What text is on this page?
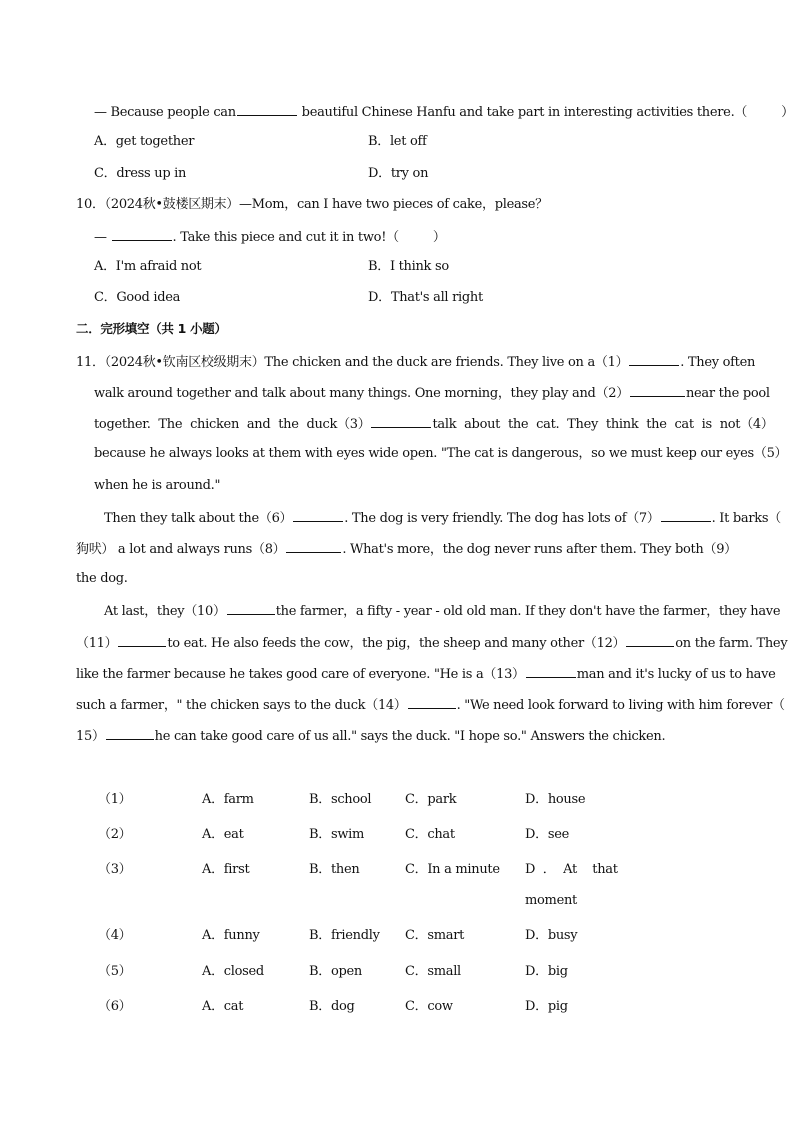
— Because people can	beautiful Chinese Hanfu and take part in interesting activities there.（	）
A．get together	B．let off
C．dress up in	D．try on
10．（2024秋•鼓楼区期末）—Mom，can I have two pieces of cake，please？
—	. Take this piece and cut it in two!（	）
A．I'm afraid not	B．I think so
C．Good idea	D．That's all right
二．完形填空（共 1 小题）
11．（2024秋•钦南区校级期末）The chicken and the duck are friends. They live on a（1）	. They often
walk around together and talk about many things. One morning，they play and（2）	near the pool
together. The chicken and the duck（3）	talk about the cat. They think the cat is not（4）
because he always looks at them with eyes wide open. "The cat is dangerous，so we must keep our eyes（5）
when he is around."
Then they talk about the（6）	. The dog is very friendly. The dog has lots of（7）	. It barks（
狗吠） a lot and always runs（8）	. What's more，the dog never runs after them. They both（9）
the dog.
At last，they（10）	the farmer，a fifty - year - old old man. If they don't have the farmer，they have
（11）	to eat. He also feeds the cow，the pig，the sheep and many other（12）	on the farm. They
like the farmer because he takes good care of everyone. "He is a（13）	man and it's lucky of us to have
such a farmer，" the chicken says to the duck（14）	. "We need look forward to living with him forever（
15）	he can take good care of us all." says the duck. "I hope so." Answers the chicken.
（1）	A．farm	B．school	C．park	D．house
（2）	A．eat	B．swim	C．chat	D．see
（3）	A．first	B．then	C．In a minute D  ．  At    that
moment
（4）	A．funny	B．friendly C．smart	D．busy
（5）	A．closed	B．open	C．small	D．big
（6）	A．cat	B．dog	C．cow	D．pig
